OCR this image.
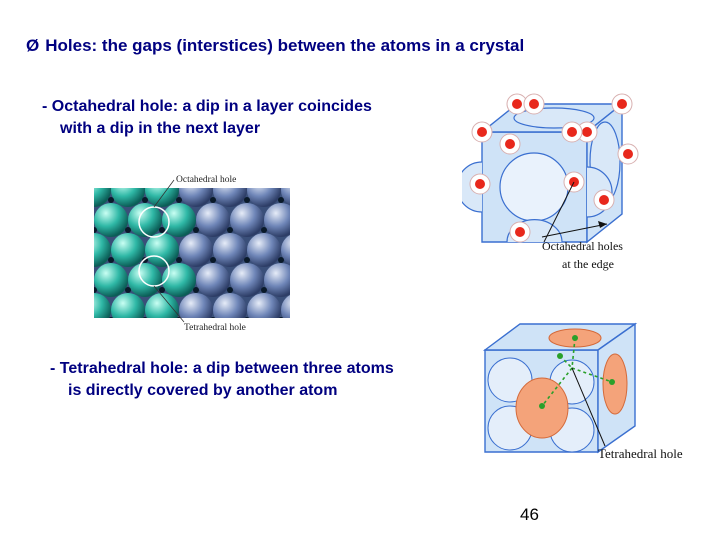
Ø Holes: the gaps (interstices) between the atoms in a crystal
- Octahedral hole: a dip in a layer coincides
with a dip in the next layer
- Tetrahedral hole: a dip between three atoms
is directly covered by another atom
Octahedral hole
Tetrahedral hole
Octahedral holes
at the edge
Tetrahedral hole
46
